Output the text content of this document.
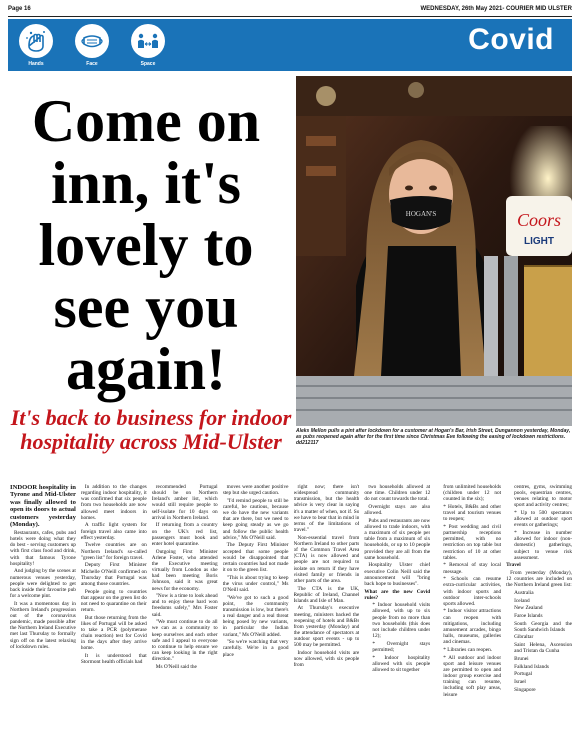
Page 16	WEDNESDAY, 26th May 2021- COURIER MID ULSTER
Hands	Face	Space
Covid
Come on inn, it's lovely to see you again!
Coors
LIGHT
HOGAN'S

Aleks Mellon pulls a pint after lockdown for a customer at Hogan's Bar, Irish Street, Dungannon yesterday, Monday, as pubs reopened again after for the first time since Christmas Eve following the easing of lockdown restrictions. dd212117

It's back to business for indoor hospitality across Mid-Ulster

INDOOR hospitality in Tyrone and Mid-Ulster was finally allowed to open its doors to actual customers yesterday (Monday).

Restaurants, cafes, pubs and hotels were doing what they do best - serving customers up with first class food and drink, with that famous Tyrone hospitality!

And judging by the scenes at numerous venues yesterday, people were delighted to get back inside their favourite pub for a welcome pint.

It was a momentous day in Northern Ireland's progression out of the coronavirus pandemic, made possible after the Northern Ireland Executive met last Thursday to formally sign off on the latest relaxing of lockdown rules.

In addition to the changes regarding indoor hospitality, it was confirmed that six people from two households are now allowed meet indoors in homes.

A traffic light system for foreign travel also came into effect yesterday.

Twelve countries are on Northern Ireland's so-called "green list" for foreign travel.

Deputy First Minister Michelle O'Neill confirmed on Thursday that Portugal was among those countries.

People going to countries that appear on the green list do not need to quarantine on their return.

But those returning from the likes of Portugal will be asked to take a PCR (polymerase chain reaction) test for Covid in the days after they arrive home.

It is understood that Stormont health officials had

recommended Portugal should be on Northern Ireland's amber list, which would still require people to self-isolate for 10 days on arrival in Northern Ireland.

If returning from a country on the UK's red list, passengers must book and enter hotel quarantine.

Outgoing First Minister Arlene Foster, who attended the Executive meeting virtually from London as she had been meeting Boris Johnson, said it was great news for the economy.

"Now is a time to look ahead and to enjoy these hard won freedoms safely," Mrs Foster said.

"We must continue to do all we can as a community to keep ourselves and each other safe and I appeal to everyone to continue to help ensure we can keep looking in the right direction."

Ms O'Neill said the

moves were another positive step but she urged caution.

"I'd remind people to still be careful, be cautious, because we do have the new variants that are there, but we need to keep going steady as we go and follow the public health advice," Ms O'Neill said.

The Deputy First Minister accepted that some people would be disappointed that certain countries had not made it on to the green list.

"This is about trying to keep the virus under control," Ms O'Neill said.

"We've got to such a good point, the community transmission is low, but there's a real danger and a real threat being posed by new variants, in particular the Indian variant," Ms O'Neill added.

"So we're watching that very carefully. We're in a good place

right now; there isn't widespread community transmission, but the health advice is very clear in saying it's a matter of when, not if. So we have to bear that in mind in terms of the limitations of travel."

Non-essential travel from Northern Ireland to other parts of the Common Travel Area (CTA) is now allowed and people are not required to isolate on return if they have visited family or friends in other parts of the area.

The CTA is the UK, Republic of Ireland, Channel Islands and Isle of Man.

At Thursday's executive meeting, ministers backed the reopening of hotels and B&Bs from yesterday (Monday) and the attendance of spectators at outdoor sport events - up to 500 may be permitted.

Indoor household visits are now allowed, with six people from

two households allowed at one time. Children under 12 do not count towards the total.

Overnight stays are also allowed.

Pubs and restaurants are now allowed to trade indoors, with a maximum of six people per table from a maximum of six households, or up to 10 people provided they are all from the same household.

Hospitality Ulster chief executive Colin Neill said the announcement will "bring back hope to businesses".

What are the new Covid rules?

* Indoor household visits allowed, with up to six people from no more than two households (this does not include children under 12);

* Overnight stays permitted;

* Indoor hospitality allowed with six people allowed to sit together

from unlimited households (children under 12 not counted in the six);

* Hotels, B&Bs and other travel and tourism venues to reopen;

* Post wedding and civil partnership receptions permitted, with no restriction on top table but restriction of 10 at other tables.

* Removal of stay local message.

* Schools can resume extra-curricular activities, with indoor sports and outdoor inter-schools sports allowed.

* Indoor visitor attractions can reopen with mitigations, including amusement arcades, bingo halls, museums, galleries and cinemas.

* Libraries can reopen.

* All outdoor and indoor sport and leisure venues are permitted to open and indoor group exercise and training can resume, including soft play areas, leisure

centres, gyms, swimming pools, equestrian centres, venues relating to motor sport and activity centres;

* Up to 500 spectators allowed at outdoor sport events or gatherings;

* Increase in number allowed for indoor (non-domestic) gatherings, subject to venue risk assessment.

Travel

From yesterday (Monday), 12 countries are included on the Northern Ireland green list:

Australia

Iceland

New Zealand

Faroe Islands

South Georgia and the South Sandwich Islands

Gibraltar

Saint Helena, Ascension and Tristan da Cunha

Brunei

Falkland Islands

Portugal

Israel

Singapore
